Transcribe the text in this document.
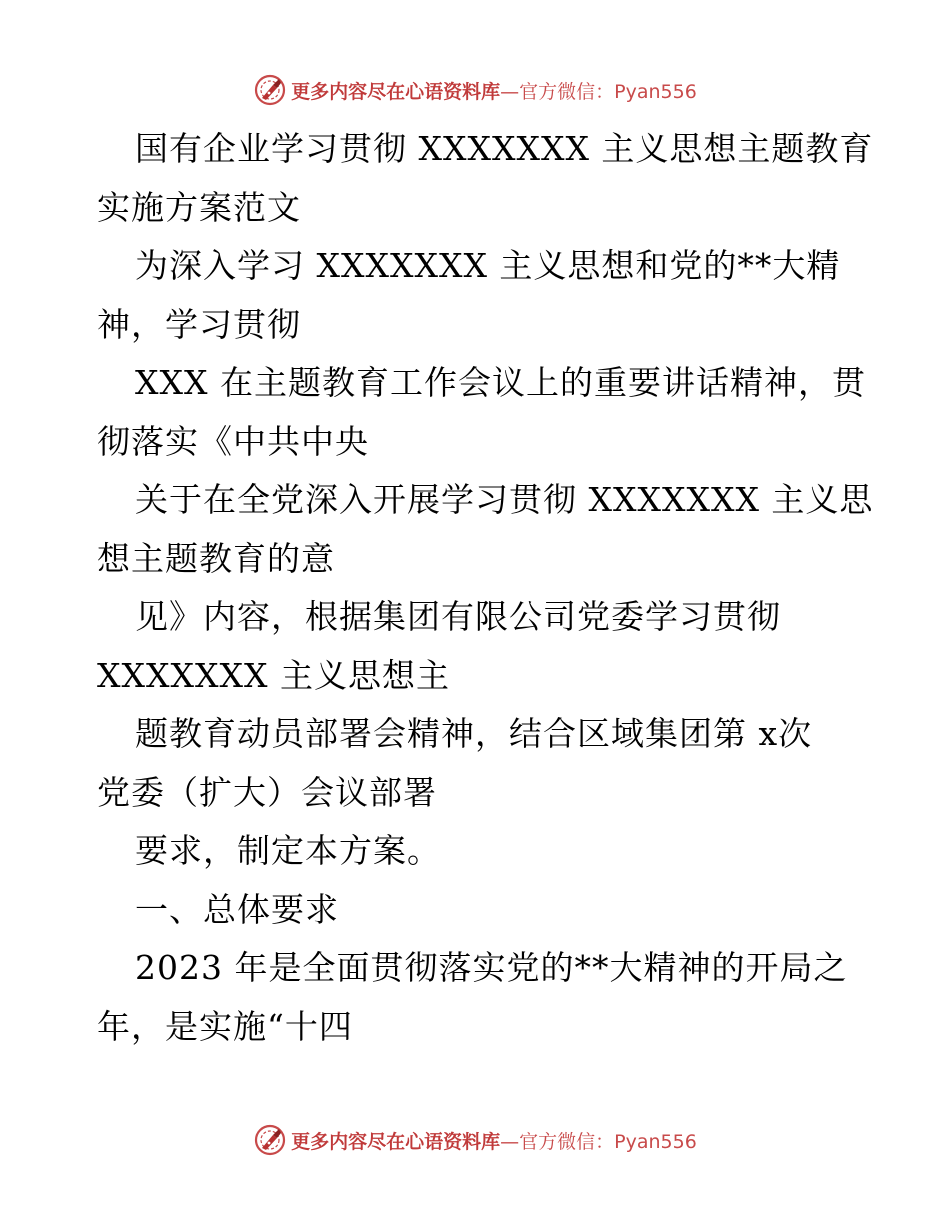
更多内容尽在心语资料库—官方微信：Pyan556
国有企业学习贯彻 XXXXXXX 主义思想主题教育
实施方案范文
为深入学习 XXXXXXX 主义思想和党的**大精
神，学习贯彻
XXX 在主题教育工作会议上的重要讲话精神，贯
彻落实《中共中央
关于在全党深入开展学习贯彻 XXXXXXX 主义思
想主题教育的意
见》内容，根据集团有限公司党委学习贯彻
XXXXXXX 主义思想主
题教育动员部署会精神，结合区域集团第 x次
党委（扩大）会议部署
要求，制定本方案。
一、总体要求
2023 年是全面贯彻落实党的**大精神的开局之
年，是实施“十四
更多内容尽在心语资料库—官方微信：Pyan556
